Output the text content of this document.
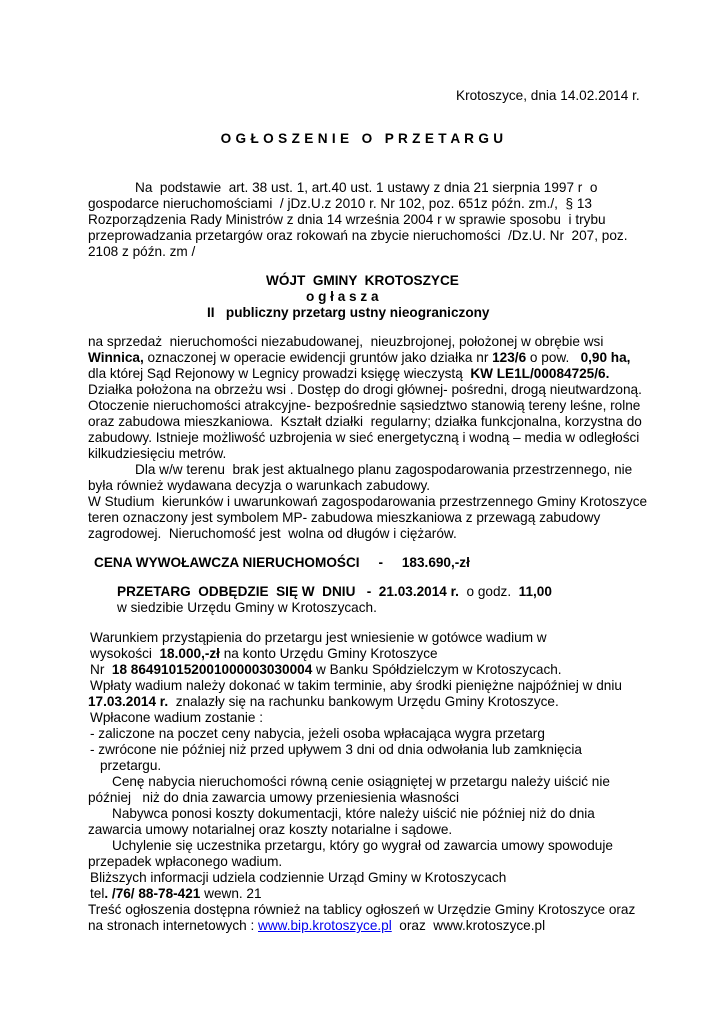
Krotoszyce, dnia 14.02.2014 r.
O G Ł O S Z E N I E   O   P R Z E T A R G U
Na  podstawie  art. 38 ust. 1, art.40 ust. 1 ustawy z dnia 21 sierpnia 1997 r  o
gospodarce nieruchomościami  / jDz.U.z 2010 r. Nr 102, poz. 651z późn. zm./,  § 13
Rozporządzenia Rady Ministrów z dnia 14 września 2004 r w sprawie sposobu  i trybu
przeprowadzania przetargów oraz rokowań na zbycie nieruchomości  /Dz.U. Nr  207, poz.
2108 z późn. zm /
WÓJT  GMINY  KROTOSZYCE
o g ł a s z a
II   publiczny przetarg ustny nieograniczony
na sprzedaż  nieruchomości niezabudowanej,  nieuzbrojonej, położonej w obrębie wsi
Winnica, oznaczonej w operacie ewidencji gruntów jako działka nr 123/6 o pow.   0,90 ha,
dla której Sąd Rejonowy w Legnicy prowadzi księgę wieczystą  KW LE1L/00084725/6.
Działka położona na obrzeżu wsi . Dostęp do drogi głównej- pośredni, drogą nieutwardzoną.
Otoczenie nieruchomości atrakcyjne- bezpośrednie sąsiedztwo stanowią tereny leśne, rolne
oraz zabudowa mieszkaniowa.  Kształt działki  regularny; działka funkcjonalna, korzystna do
zabudowy. Istnieje możliwość uzbrojenia w sieć energetyczną i wodną – media w odległości
kilkudziesięciu metrów.
Dla w/w terenu  brak jest aktualnego planu zagospodarowania przestrzennego, nie
była również wydawana decyzja o warunkach zabudowy.
W Studium  kierunków i uwarunkowań zagospodarowania przestrzennego Gminy Krotoszyce
teren oznaczony jest symbolem MP- zabudowa mieszkaniowa z przewagą zabudowy
zagrodowej.  Nieruchomość jest  wolna od długów i ciężarów.
CENA WYWOŁAWCZA NIERUCHOMOŚCI     -     183.690,-zł
PRZETARG  ODBĘDZIE  SIĘ W  DNIU   -  21.03.2014 r.  o godz.  11,00
w siedzibie Urzędu Gminy w Krotoszycach.
Warunkiem przystąpienia do przetargu jest wniesienie w gotówce wadium w
wysokości  18.000,-zł na konto Urzędu Gminy Krotoszyce
Nr  18 864910152001000003030004 w Banku Spółdzielczym w Krotoszycach.
Wpłaty wadium należy dokonać w takim terminie, aby środki pieniężne najpóźniej w dniu
17.03.2014 r.  znalazły się na rachunku bankowym Urzędu Gminy Krotoszyce.
Wpłacone wadium zostanie :
- zaliczone na poczet ceny nabycia, jeżeli osoba wpłacająca wygra przetarg
- zwrócone nie później niż przed upływem 3 dni od dnia odwołania lub zamknięcia
przetargu.
Cenę nabycia nieruchomości równą cenie osiągniętej w przetargu należy uiścić nie
później   niż do dnia zawarcia umowy przeniesienia własności
Nabywca ponosi koszty dokumentacji, które należy uiścić nie później niż do dnia
zawarcia umowy notarialnej oraz koszty notarialne i sądowe.
Uchylenie się uczestnika przetargu, który go wygrał od zawarcia umowy spowoduje
przepadek wpłaconego wadium.
Bliższych informacji udziela codziennie Urząd Gminy w Krotoszycach
tel. /76/ 88-78-421 wewn. 21
Treść ogłoszenia dostępna również na tablicy ogłoszeń w Urzędzie Gminy Krotoszyce oraz
na stronach internetowych : www.bip.krotoszyce.pl  oraz  www.krotoszyce.pl
